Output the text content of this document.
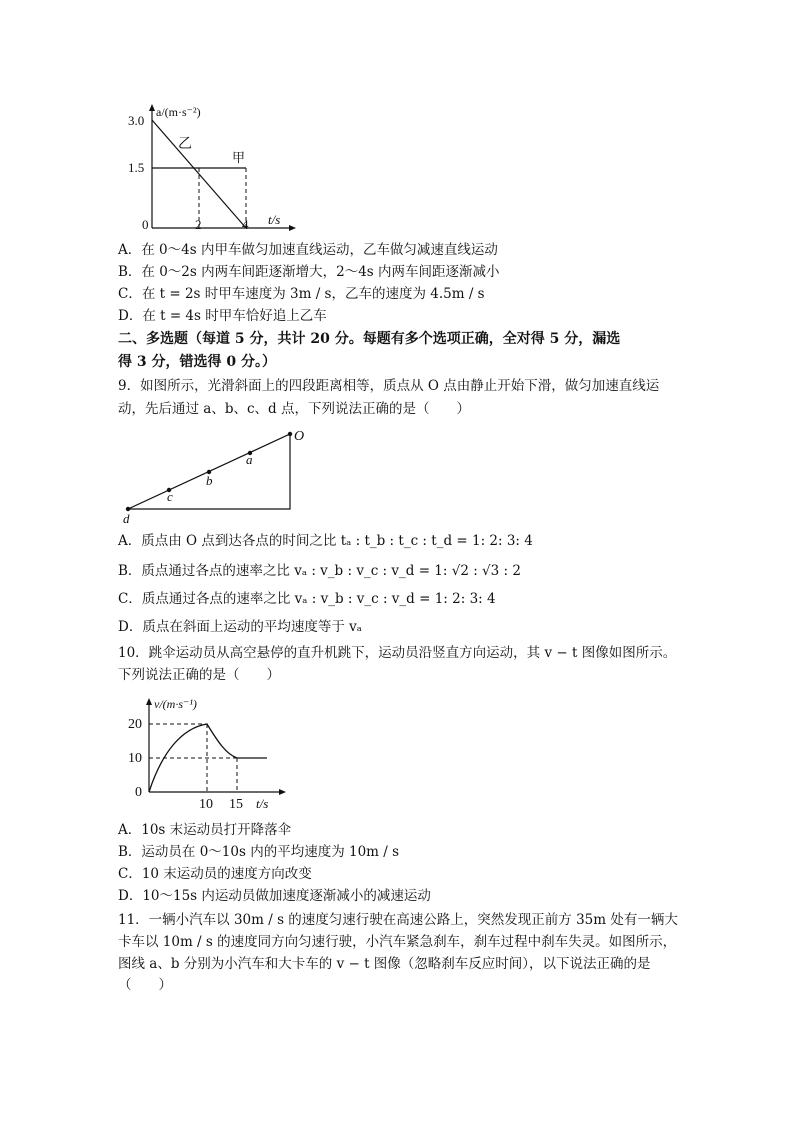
a/(m·s⁻²)
3.0
1.5
0	2	4 t/s
乙
甲
A．在 0～4s 内甲车做匀加速直线运动，乙车做匀减速直线运动
B．在 0～2s 内两车间距逐渐增大，2～4s 内两车间距逐渐减小
C．在 t = 2s 时甲车速度为 3m / s，乙车的速度为 4.5m / s
D．在 t = 4s 时甲车恰好追上乙车
二、多选题（每道 5 分，共计 20 分。每题有多个选项正确，全对得 5 分，漏选
得 3 分，错选得 0 分。）
9．如图所示，光滑斜面上的四段距离相等，质点从 O 点由静止开始下滑，做匀加速直线运
动，先后通过 a、b、c、d 点，下列说法正确的是（　　）
O
a
b
c
d
A．质点由 O 点到达各点的时间之比 tₐ : t_b : t_c : t_d = 1: 2: 3: 4
B．质点通过各点的速率之比 vₐ : v_b : v_c : v_d = 1: √2 : √3 : 2
C．质点通过各点的速率之比 vₐ : v_b : v_c : v_d = 1: 2: 3: 4
D．质点在斜面上运动的平均速度等于 vₐ
10．跳伞运动员从高空悬停的直升机跳下，运动员沿竖直方向运动，其 v − t 图像如图所示。
下列说法正确的是（　　）
v/(m·s⁻¹)
20
10
0
10 15 t/s
A．10s 末运动员打开降落伞
B．运动员在 0～10s 内的平均速度为 10m / s
C．10 末运动员的速度方向改变
D．10～15s 内运动员做加速度逐渐减小的减速运动
11．一辆小汽车以 30m / s 的速度匀速行驶在高速公路上，突然发现正前方 35m 处有一辆大
卡车以 10m / s 的速度同方向匀速行驶，小汽车紧急刹车，刹车过程中刹车失灵。如图所示，
图线 a、b 分别为小汽车和大卡车的 v − t 图像（忽略刹车反应时间），以下说法正确的是
（　　）
